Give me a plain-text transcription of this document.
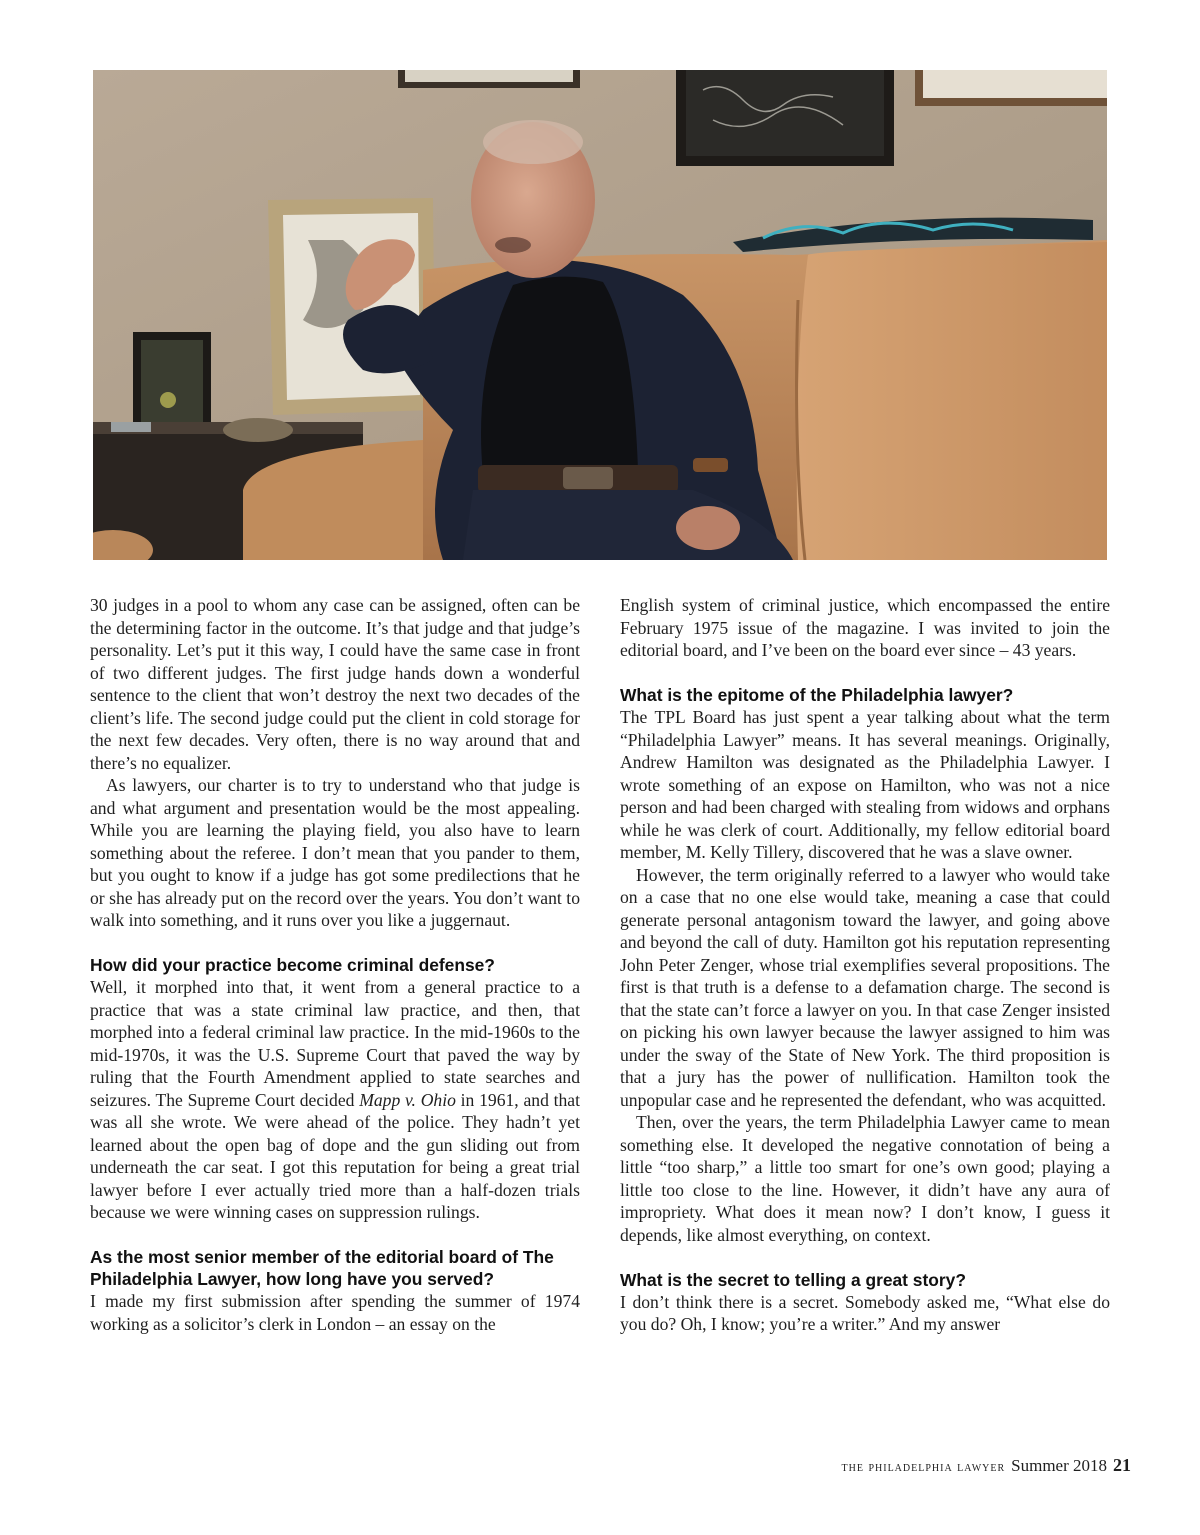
30 judges in a pool to whom any case can be assigned, often can be the determining factor in the outcome. It’s that judge and that judge’s personality. Let’s put it this way, I could have the same case in front of two different judges. The first judge hands down a wonderful sentence to the client that won’t destroy the next two decades of the client’s life. The second judge could put the client in cold storage for the next few decades. Very often, there is no way around that and there’s no equalizer.

As lawyers, our charter is to try to understand who that judge is and what argument and presentation would be the most appealing. While you are learning the playing field, you also have to learn something about the referee. I don’t mean that you pander to them, but you ought to know if a judge has got some predilections that he or she has already put on the record over the years. You don’t want to walk into something, and it runs over you like a juggernaut.

How did your practice become criminal defense?

Well, it morphed into that, it went from a general practice to a practice that was a state criminal law practice, and then, that morphed into a federal criminal law practice. In the mid-1960s to the mid-1970s, it was the U.S. Supreme Court that paved the way by ruling that the Fourth Amendment applied to state searches and seizures. The Supreme Court decided Mapp v. Ohio in 1961, and that was all she wrote. We were ahead of the police. They hadn’t yet learned about the open bag of dope and the gun sliding out from underneath the car seat. I got this reputation for being a great trial lawyer before I ever actually tried more than a half-dozen trials because we were winning cases on suppression rulings.

As the most senior member of the editorial board of The Philadelphia Lawyer, how long have you served?

I made my first submission after spending the summer of 1974 working as a solicitor’s clerk in London – an essay on the

English system of criminal justice, which encompassed the entire February 1975 issue of the magazine. I was invited to join the editorial board, and I’ve been on the board ever since – 43 years.

What is the epitome of the Philadelphia lawyer?

The TPL Board has just spent a year talking about what the term “Philadelphia Lawyer” means. It has several meanings. Originally, Andrew Hamilton was designated as the Philadelphia Lawyer. I wrote something of an expose on Hamilton, who was not a nice person and had been charged with stealing from widows and orphans while he was clerk of court. Additionally, my fellow editorial board member, M. Kelly Tillery, discovered that he was a slave owner.

However, the term originally referred to a lawyer who would take on a case that no one else would take, meaning a case that could generate personal antagonism toward the lawyer, and going above and beyond the call of duty. Hamilton got his reputation representing John Peter Zenger, whose trial exemplifies several propositions. The first is that truth is a defense to a defamation charge. The second is that the state can’t force a lawyer on you. In that case Zenger insisted on picking his own lawyer because the lawyer assigned to him was under the sway of the State of New York. The third proposition is that a jury has the power of nullification. Hamilton took the unpopular case and he represented the defendant, who was acquitted.

Then, over the years, the term Philadelphia Lawyer came to mean something else. It developed the negative connotation of being a little “too sharp,” a little too smart for one’s own good; playing a little too close to the line. However, it didn’t have any aura of impropriety. What does it mean now? I don’t know, I guess it depends, like almost everything, on context.

What is the secret to telling a great story?

I don’t think there is a secret. Somebody asked me, “What else do you do? Oh, I know; you’re a writer.” And my answer

the philadelphia lawyer Summer 2018 21
